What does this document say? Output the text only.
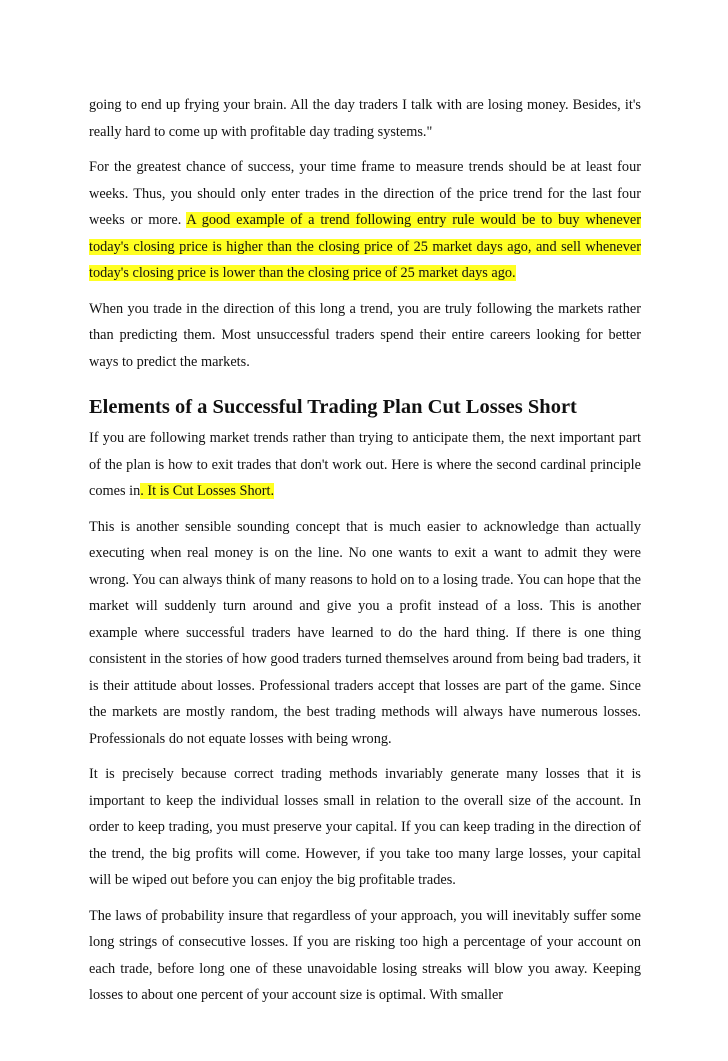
going to end up frying your brain. All the day traders I talk with are losing money. Besides, it's really hard to come up with profitable day trading systems."

For the greatest chance of success, your time frame to measure trends should be at least four weeks. Thus, you should only enter trades in the direction of the price trend for the last four weeks or more. A good example of a trend following entry rule would be to buy whenever today's closing price is higher than the closing price of 25 market days ago, and sell whenever today's closing price is lower than the closing price of 25 market days ago.

When you trade in the direction of this long a trend, you are truly following the markets rather than predicting them. Most unsuccessful traders spend their entire careers looking for better ways to predict the markets.

Elements of a Successful Trading Plan Cut Losses Short

If you are following market trends rather than trying to anticipate them, the next important part of the plan is how to exit trades that don't work out. Here is where the second cardinal principle comes in. It is Cut Losses Short.

This is another sensible sounding concept that is much easier to acknowledge than actually executing when real money is on the line. No one wants to exit a want to admit they were wrong. You can always think of many reasons to hold on to a losing trade. You can hope that the market will suddenly turn around and give you a profit instead of a loss. This is another example where successful traders have learned to do the hard thing. If there is one thing consistent in the stories of how good traders turned themselves around from being bad traders, it is their attitude about losses. Professional traders accept that losses are part of the game. Since the markets are mostly random, the best trading methods will always have numerous losses. Professionals do not equate losses with being wrong.

It is precisely because correct trading methods invariably generate many losses that it is important to keep the individual losses small in relation to the overall size of the account. In order to keep trading, you must preserve your capital. If you can keep trading in the direction of the trend, the big profits will come. However, if you take too many large losses, your capital will be wiped out before you can enjoy the big profitable trades.

The laws of probability insure that regardless of your approach, you will inevitably suffer some long strings of consecutive losses. If you are risking too high a percentage of your account on each trade, before long one of these unavoidable losing streaks will blow you away. Keeping losses to about one percent of your account size is optimal. With smaller
